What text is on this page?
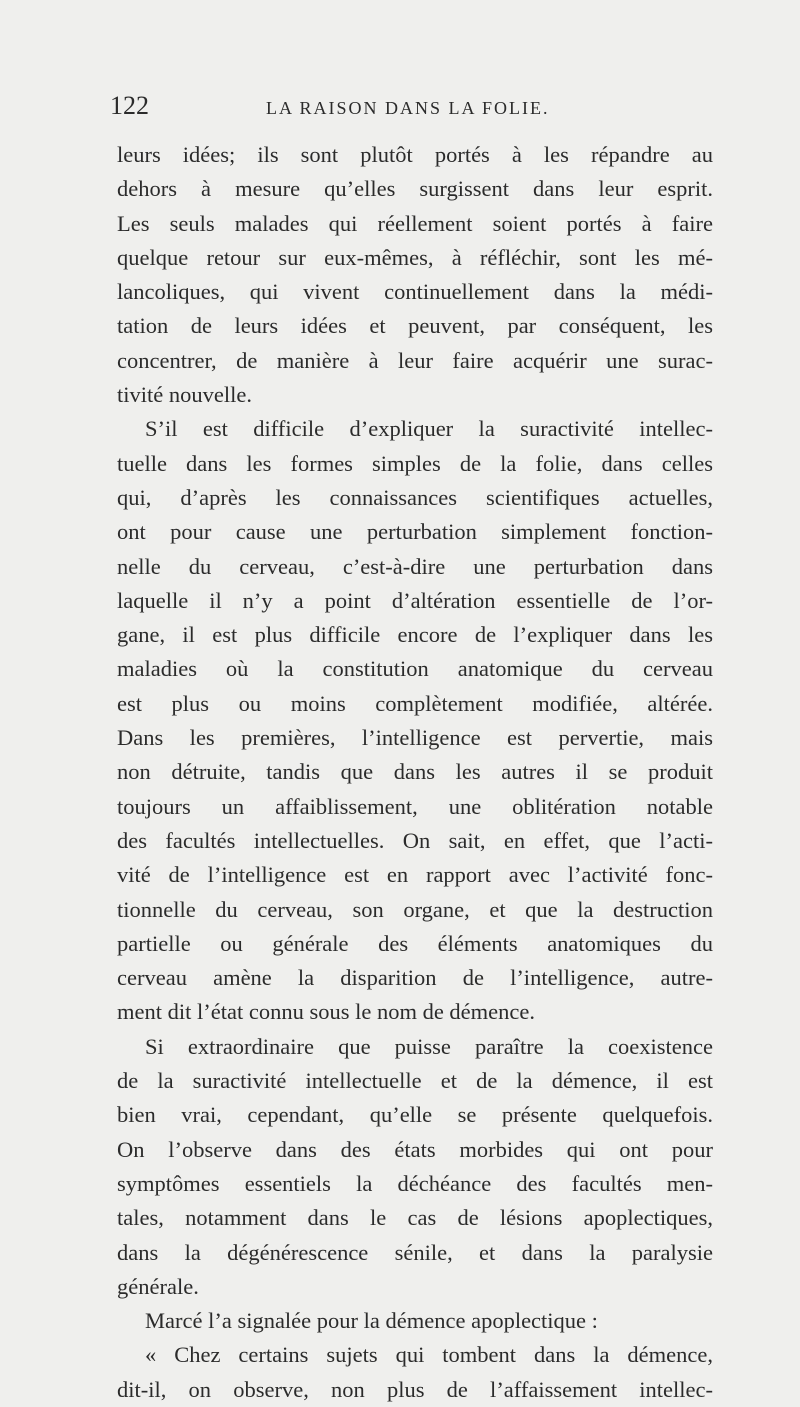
122	LA RAISON DANS LA FOLIE.
leurs idées; ils sont plutôt portés à les répandre au
dehors à mesure qu’elles surgissent dans leur esprit.
Les seuls malades qui réellement soient portés à faire
quelque retour sur eux-mêmes, à réfléchir, sont les mé-
lancoliques, qui vivent continuellement dans la médi-
tation de leurs idées et peuvent, par conséquent, les
concentrer, de manière à leur faire acquérir une surac-
tivité nouvelle.
S’il est difficile d’expliquer la suractivité intellec-
tuelle dans les formes simples de la folie, dans celles
qui, d’après les connaissances scientifiques actuelles,
ont pour cause une perturbation simplement fonction-
nelle du cerveau, c’est-à-dire une perturbation dans
laquelle il n’y a point d’altération essentielle de l’or-
gane, il est plus difficile encore de l’expliquer dans les
maladies où la constitution anatomique du cerveau
est plus ou moins complètement modifiée, altérée.
Dans les premières, l’intelligence est pervertie, mais
non détruite, tandis que dans les autres il se produit
toujours un affaiblissement, une oblitération notable
des facultés intellectuelles. On sait, en effet, que l’acti-
vité de l’intelligence est en rapport avec l’activité fonc-
tionnelle du cerveau, son organe, et que la destruction
partielle ou générale des éléments anatomiques du
cerveau amène la disparition de l’intelligence, autre-
ment dit l’état connu sous le nom de démence.
Si extraordinaire que puisse paraître la coexistence
de la suractivité intellectuelle et de la démence, il est
bien vrai, cependant, qu’elle se présente quelquefois.
On l’observe dans des états morbides qui ont pour
symptômes essentiels la déchéance des facultés men-
tales, notamment dans le cas de lésions apoplectiques,
dans la dégénérescence sénile, et dans la paralysie
générale.
Marcé l’a signalée pour la démence apoplectique :
« Chez certains sujets qui tombent dans la démence,
dit-il, on observe, non plus de l’affaissement intellec-
